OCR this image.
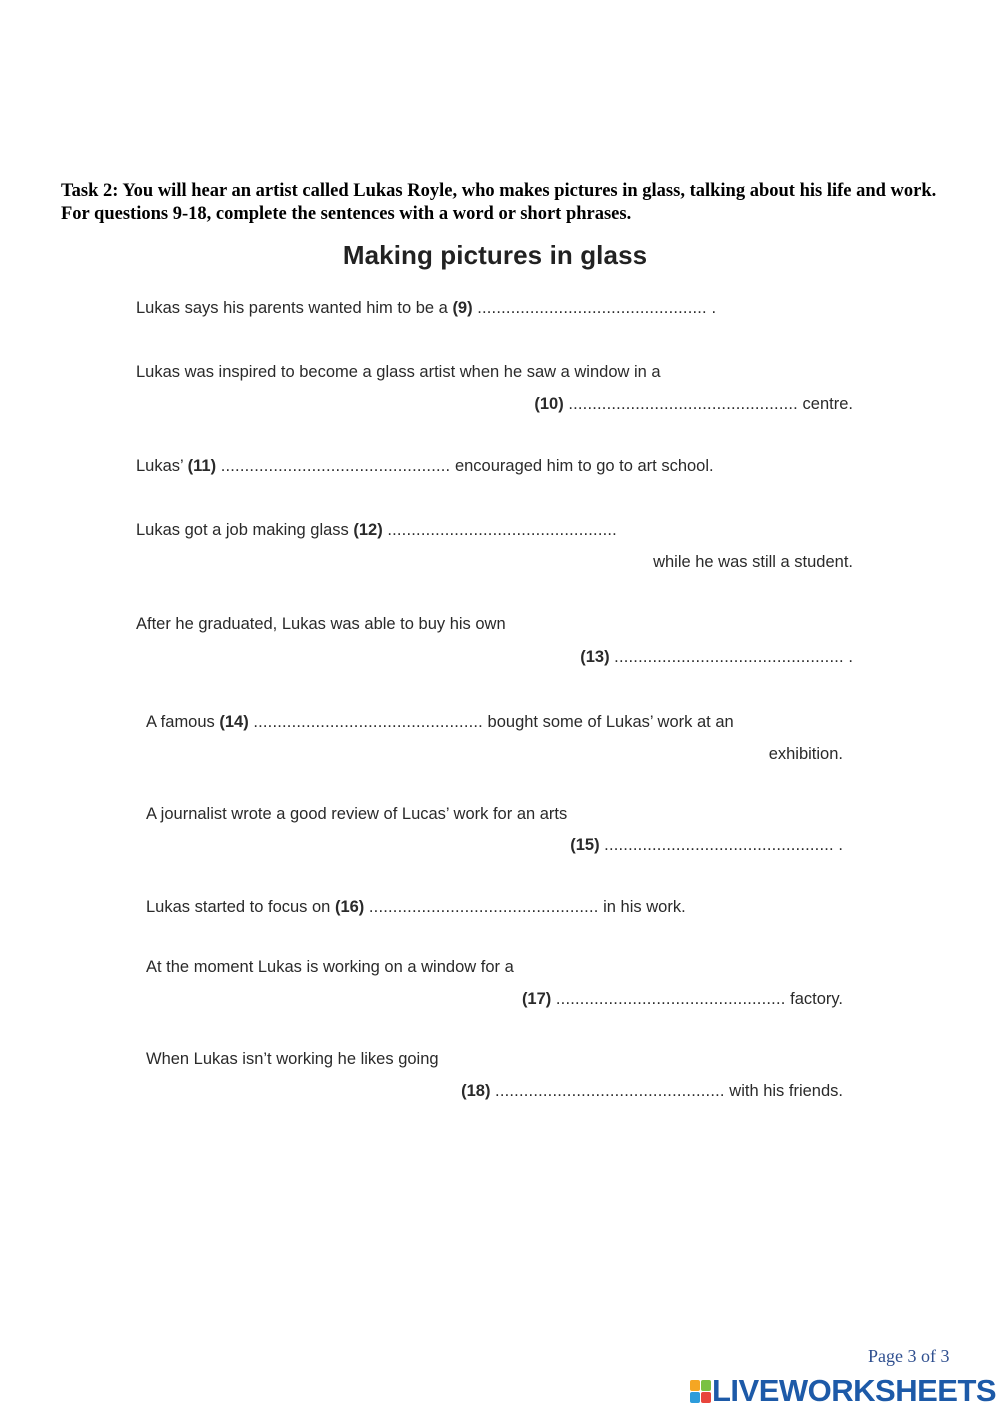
Task 2: You will hear an artist called Lukas Royle, who makes pictures in glass, talking about his life and work. For questions 9-18, complete the sentences with a word or short phrases.
Making pictures in glass
Lukas says his parents wanted him to be a (9) ................................................ .
Lukas was inspired to become a glass artist when he saw a window in a
(10) ................................................ centre.
Lukas’ (11) ................................................ encouraged him to go to art school.
Lukas got a job making glass (12) ................................................
while he was still a student.
After he graduated, Lukas was able to buy his own
(13) ................................................ .
A famous (14) ................................................ bought some of Lukas’ work at an
exhibition.
A journalist wrote a good review of Lucas’ work for an arts
(15) ................................................ .
Lukas started to focus on (16) ................................................ in his work.
At the moment Lukas is working on a window for a
(17) ................................................ factory.
When Lukas isn’t working he likes going
(18) ................................................ with his friends.
Page 3 of 3
LIVEWORKSHEETS
